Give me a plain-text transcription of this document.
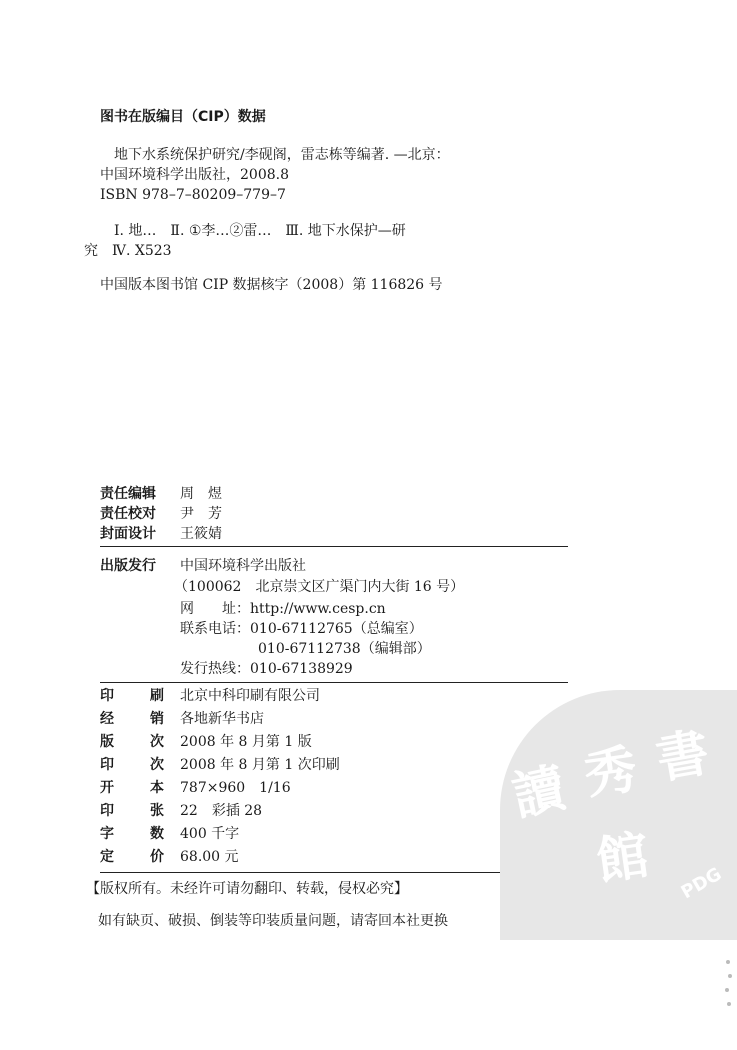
图书在版编目（CIP）数据
地下水系统保护研究/李砚阁，雷志栋等编著. —北京：
中国环境科学出版社，2008.8
ISBN 978–7–80209–779–7
Ⅰ. 地…　Ⅱ. ①李…②雷…　Ⅲ. 地下水保护—研
究　Ⅳ. X523
中国版本图书馆 CIP 数据核字（2008）第 116826 号
责任编辑 周　煜
责任校对 尹　芳
封面设计 王筱婧
出版发行 中国环境科学出版社
（100062　北京崇文区广渠门内大街 16 号）
网　　址：http://www.cesp.cn
联系电话：010-67112765（总编室）
010-67112738（编辑部）
发行热线：010-67138929
印刷 北京中科印刷有限公司
经销 各地新华书店
版次 2008 年 8 月第 1 版
印次 2008 年 8 月第 1 次印刷
开本 787×960　1/16
印张 22　彩插 28
字数 400 千字
定价 68.00 元
【版权所有。未经许可请勿翻印、转载，侵权必究】
如有缺页、破损、倒装等印装质量问题，请寄回本社更换
讀 秀 書
館 PDG
